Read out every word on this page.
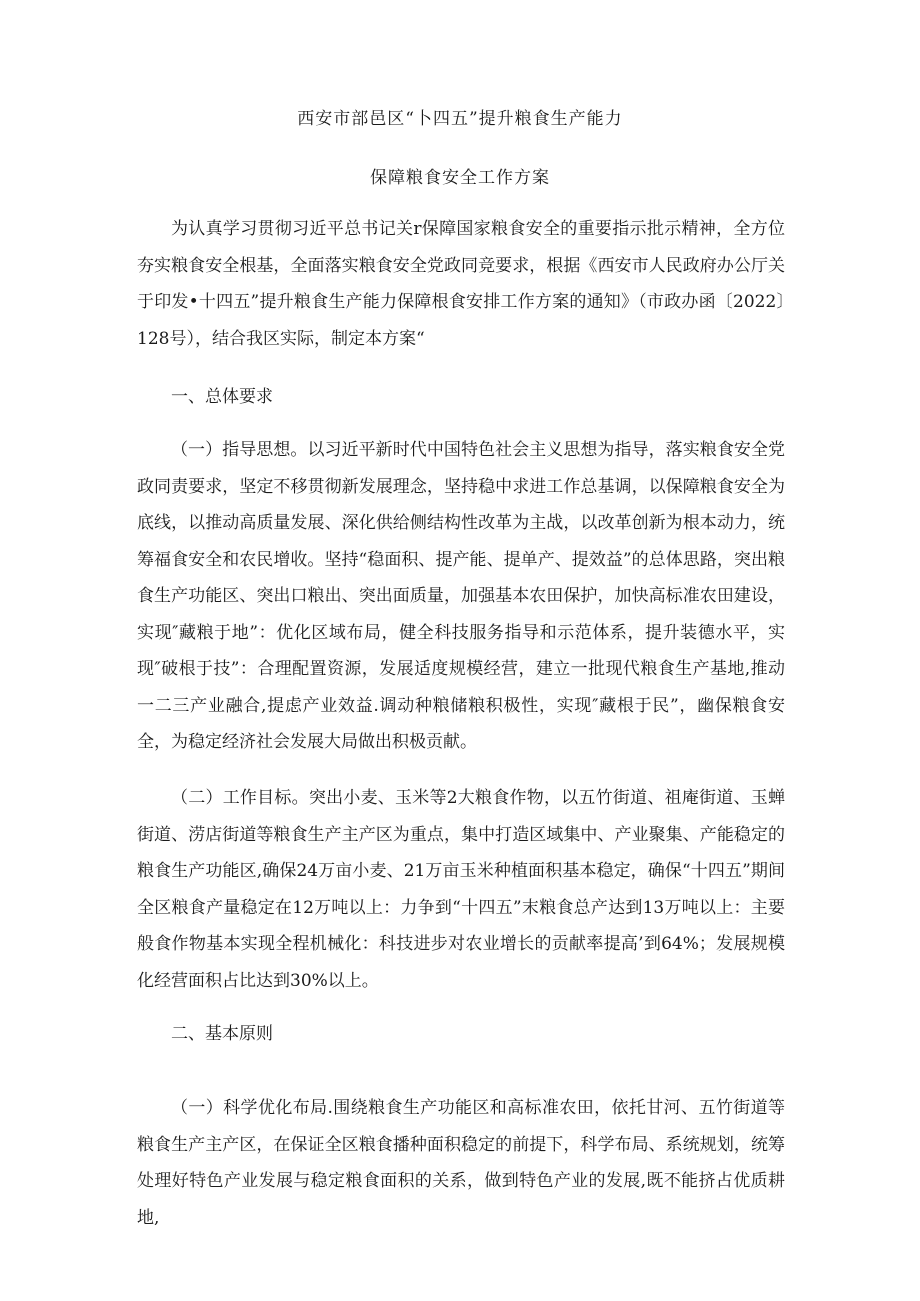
西安市部邑区“卜四五”提升粮食生产能力
保障粮食安全工作方案

为认真学习贯彻习近平总书记关r保障国家粮食安全的重要指示批示精神，全方位夯实粮食安全根基，全面落实粮食安全党政同竞要求，根据《西安市人民政府办公厅关于印发•十四五”提升粮食生产能力保障根食安排工作方案的通知》（市政办函〔2022〕128号），结合我区实际，制定本方案“

一、总体要求

（一）指导思想。以习近平新时代中国特色社会主义思想为指导，落实粮食安全党政同责要求，坚定不移贯彻新发展理念，坚持稳中求进工作总基调，以保障粮食安全为底线，以推动高质量发展、深化供给侧结构性改革为主战，以改革创新为根本动力，统筹福食安全和农民增收。坚持“稳面积、提产能、提单产、提效益”的总体思路，突出粮食生产功能区、突出口粮出、突出面质量，加强基本农田保护，加快高标准农田建设，实现″藏粮于地”：优化区域布局，健全科技服务指导和示范体系，提升装德水平，实现″破根于技”：合理配置资源，发展适度规模经营，建立一批现代粮食生产基地,推动一二三产业融合,提虑产业效益.调动种粮储粮积极性，实现″藏根于民”，幽保粮食安全，为稳定经济社会发展大局做出积极贡献。

（二）工作目标。突出小麦、玉米等2大粮食作物，以五竹街道、祖庵街道、玉蝉街道、涝店街道等粮食生产主产区为重点，集中打造区域集中、产业聚集、产能稳定的粮食生产功能区,确保24万亩小麦、21万亩玉米种植面积基本稳定，确保“十四五”期间全区粮食产量稳定在12万吨以上：力争到“十四五”末粮食总产达到13万吨以上：主要般食作物基本实现全程机械化：科技进步对农业增长的贡献率提高’到64%；发展规模化经营面积占比达到30%以上。

二、基本原则

（一）科学优化布局.围绕粮食生产功能区和高标准农田，依托甘河、五竹街道等粮食生产主产区，在保证全区粮食播种面积稳定的前提下，科学布局、系统规划，统筹处理好特色产业发展与稳定粮食面积的关系，做到特色产业的发展,既不能挤占优质耕地,
